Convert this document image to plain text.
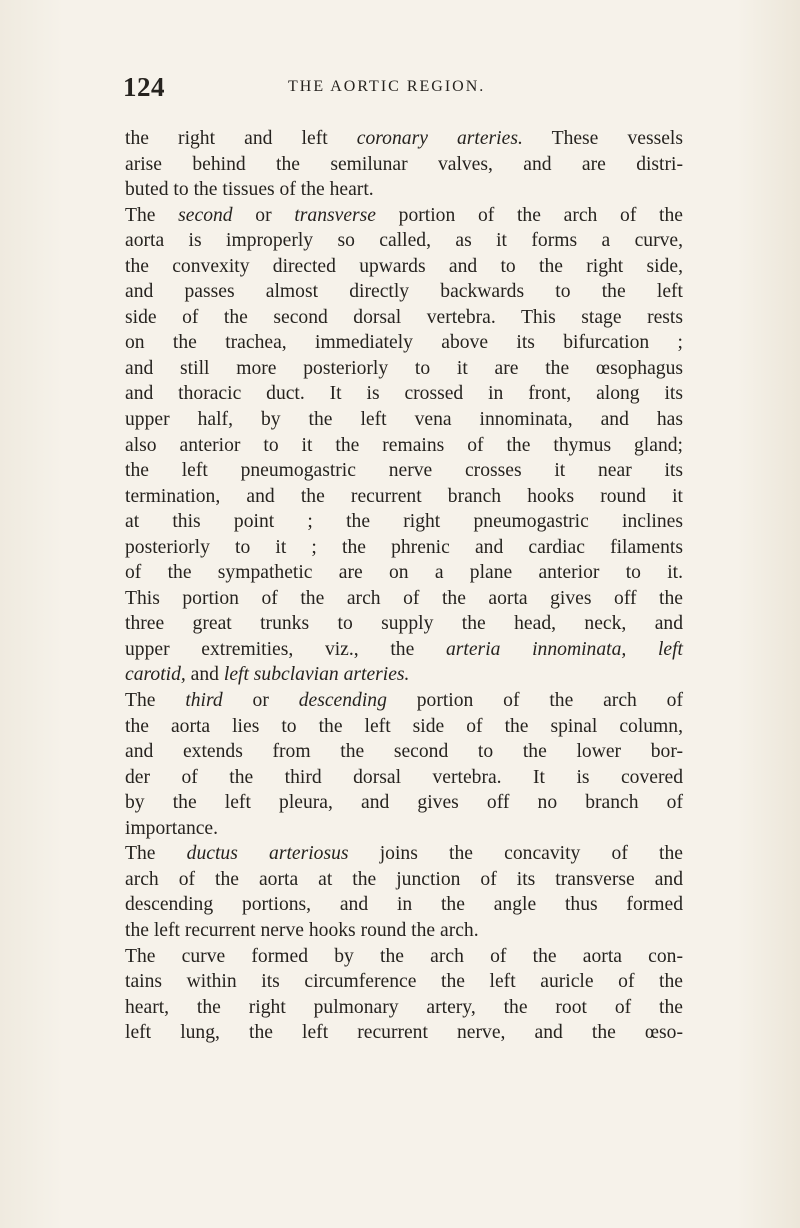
124	THE AORTIC REGION.
the right and left coronary arteries. These vessels
arise behind the semilunar valves, and are distri-
buted to the tissues of the heart.
The second or transverse portion of the arch of the
aorta is improperly so called, as it forms a curve,
the convexity directed upwards and to the right side,
and passes almost directly backwards to the left
side of the second dorsal vertebra. This stage rests
on the trachea, immediately above its bifurcation ;
and still more posteriorly to it are the œsophagus
and thoracic duct. It is crossed in front, along its
upper half, by the left vena innominata, and has
also anterior to it the remains of the thymus gland;
the left pneumogastric nerve crosses it near its
termination, and the recurrent branch hooks round it
at this point ; the right pneumogastric inclines
posteriorly to it ; the phrenic and cardiac filaments
of the sympathetic are on a plane anterior to it.
This portion of the arch of the aorta gives off the
three great trunks to supply the head, neck, and
upper extremities, viz., the arteria innominata, left
carotid, and left subclavian arteries.
The third or descending portion of the arch of
the aorta lies to the left side of the spinal column,
and extends from the second to the lower bor-
der of the third dorsal vertebra. It is covered
by the left pleura, and gives off no branch of
importance.
The ductus arteriosus joins the concavity of the
arch of the aorta at the junction of its transverse and
descending portions, and in the angle thus formed
the left recurrent nerve hooks round the arch.
The curve formed by the arch of the aorta con-
tains within its circumference the left auricle of the
heart, the right pulmonary artery, the root of the
left lung, the left recurrent nerve, and the œso-
